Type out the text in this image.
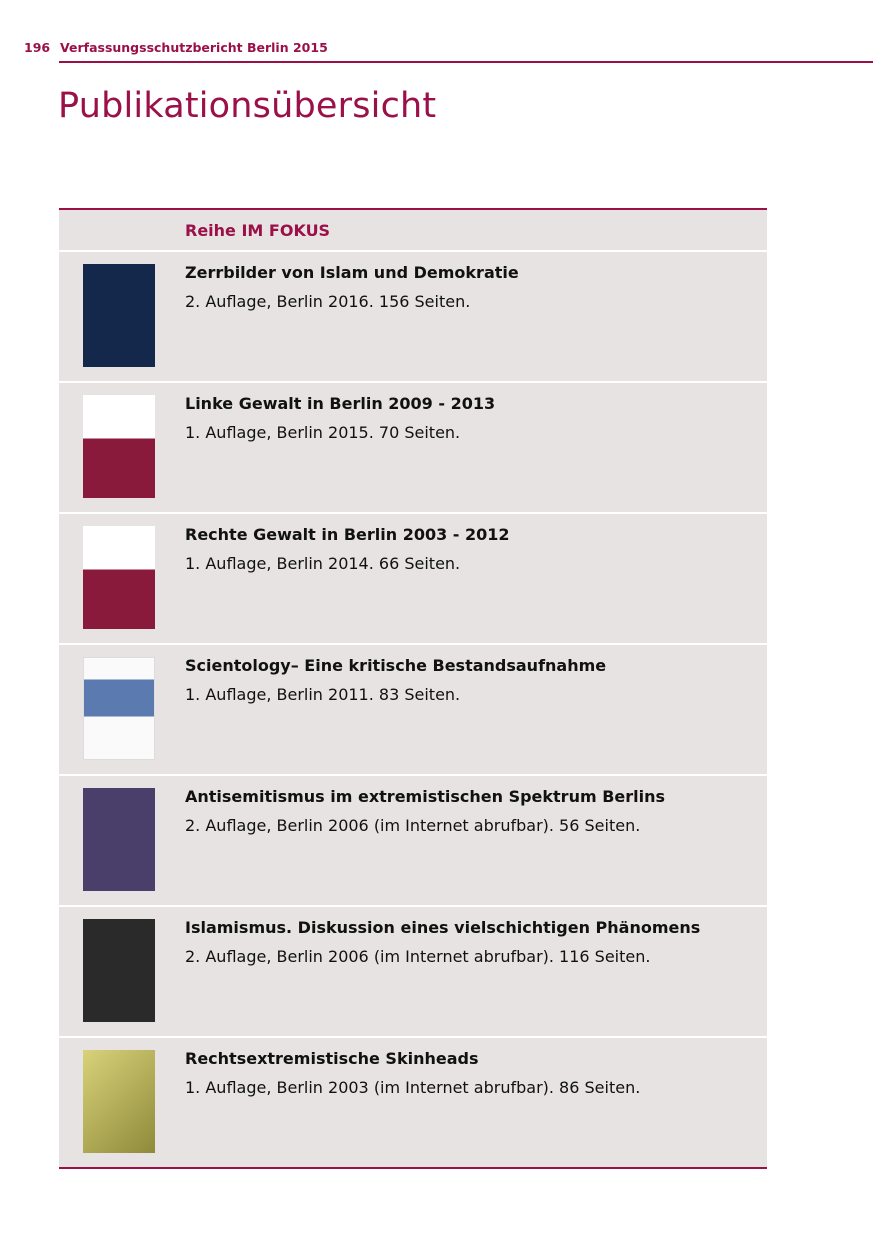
196 Verfassungsschutzbericht Berlin 2015
Publikationsübersicht
Reihe IM FOKUS
Zerrbilder von Islam und Demokratie
2. Auflage, Berlin 2016. 156 Seiten.
Linke Gewalt in Berlin 2009 - 2013
1. Auflage, Berlin 2015. 70 Seiten.
Rechte Gewalt in Berlin 2003 - 2012
1. Auflage, Berlin 2014. 66 Seiten.
Scientology– Eine kritische Bestandsaufnahme
1. Auflage, Berlin 2011. 83 Seiten.
Antisemitismus im extremistischen Spektrum Berlins
2. Auflage, Berlin 2006 (im Internet abrufbar). 56 Seiten.
Islamismus. Diskussion eines vielschichtigen Phänomens
2. Auflage, Berlin 2006 (im Internet abrufbar). 116 Seiten.
Rechtsextremistische Skinheads
1. Auflage, Berlin 2003 (im Internet abrufbar). 86 Seiten.
